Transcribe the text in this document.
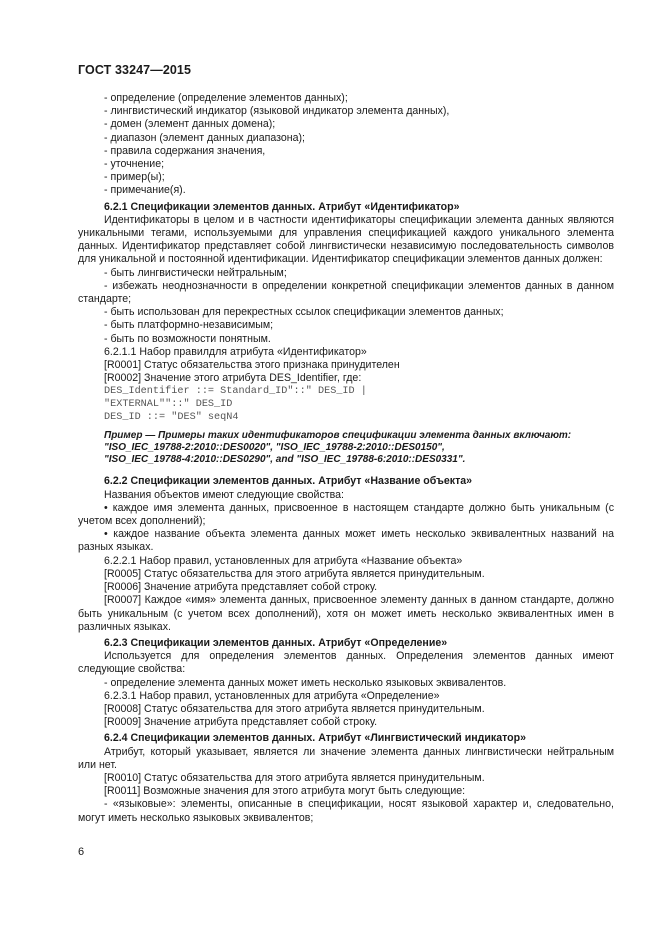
ГОСТ 33247—2015

- определение (определение элементов данных);

- лингвистический индикатор (языковой индикатор элемента данных),

- домен (элемент данных домена);

- диапазон (элемент данных диапазона);

- правила содержания значения,

- уточнение;

- пример(ы);

- примечание(я).

6.2.1 Спецификации элементов данных. Атрибут «Идентификатор»

Идентификаторы в целом и в частности идентификаторы спецификации элемента данных являются уникальными тегами, используемыми для управления спецификацией каждого уникального элемента данных. Идентификатор представляет собой лингвистически независимую последовательность символов для уникальной и постоянной идентификации. Идентификатор спецификации элементов данных должен:

- быть лингвистически нейтральным;

- избежать неоднозначности в определении конкретной спецификации элементов данных в данном стандарте;

- быть использован для перекрестных ссылок спецификации элементов данных;

- быть платформно-независимым;

- быть по возможности понятным.

6.2.1.1 Набор правилдля атрибута «Идентификатор»

[R0001] Статус обязательства этого признака принудителен

[R0002] Значение этого атрибута DES_Identifier, где:

DES_Identifier ::= Standard_ID"::" DES_ID |

"EXTERNAL""::" DES_ID

DES_ID ::= "DES" seqN4

Пример — Примеры таких идентификаторов спецификации элемента данных включают:

"ISO_IEC_19788-2:2010::DES0020", "ISO_IEC_19788-2:2010::DES0150",

"ISO_IEC_19788-4:2010::DES0290", and "ISO_IEC_19788-6:2010::DES0331".

6.2.2 Спецификации элементов данных. Атрибут «Название объекта»

Названия объектов имеют следующие свойства:

• каждое имя элемента данных, присвоенное в настоящем стандарте должно быть уникальным (с учетом всех дополнений);

• каждое название объекта элемента данных может иметь несколько эквивалентных названий на разных языках.

6.2.2.1 Набор правил, установленных для атрибута «Название объекта»

[R0005] Статус обязательства для этого атрибута является принудительным.

[R0006] Значение атрибута представляет собой строку.

[R0007] Каждое «имя» элемента данных, присвоенное элементу данных в данном стандарте, должно быть уникальным (с учетом всех дополнений), хотя он может иметь несколько эквивалентных имен в различных языках.

6.2.3 Спецификации элементов данных. Атрибут «Определение»

Используется для определения элементов данных. Определения элементов данных имеют следующие свойства:

- определение элемента данных может иметь несколько языковых эквивалентов.

6.2.3.1 Набор правил, установленных для атрибута «Определение»

[R0008] Статус обязательства для этого атрибута является принудительным.

[R0009] Значение атрибута представляет собой строку.

6.2.4 Спецификации элементов данных. Атрибут «Лингвистический индикатор»

Атрибут, который указывает, является ли значение элемента данных лингвистически нейтральным или нет.

[R0010] Статус обязательства для этого атрибута является принудительным.

[R0011] Возможные значения для этого атрибута могут быть следующие:

- «языковые»: элементы, описанные в спецификации, носят языковой характер и, следовательно, могут иметь несколько языковых эквивалентов;

6
